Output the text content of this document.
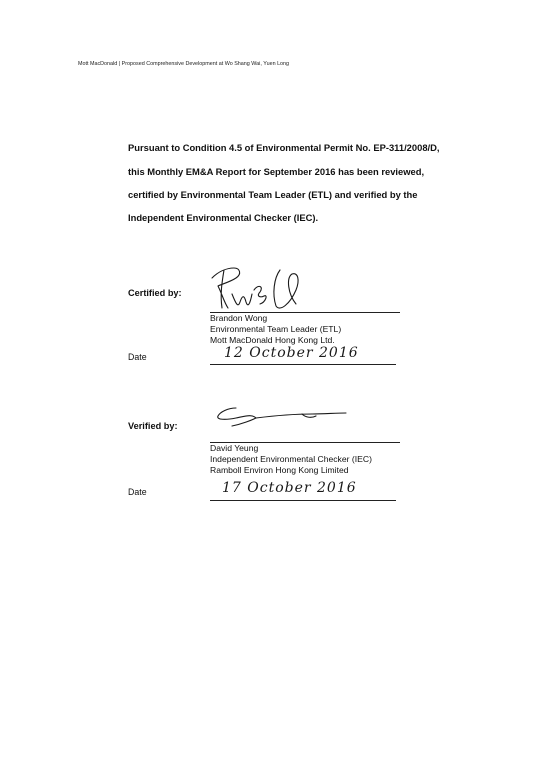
Mott MacDonald | Proposed Comprehensive Development at Wo Shang Wai, Yuen Long
Pursuant to Condition 4.5 of Environmental Permit No. EP-311/2008/D,
this Monthly EM&A Report for September 2016 has been reviewed,
certified by Environmental Team Leader (ETL) and verified by the
Independent Environmental Checker (IEC).
Certified by:
Brandon Wong
Environmental Team Leader (ETL)
Mott MacDonald Hong Kong Ltd.
Date	12 October 2016
Verified by:
David Yeung
Independent Environmental Checker (IEC)
Ramboll Environ Hong Kong Limited
Date	17 October 2016
